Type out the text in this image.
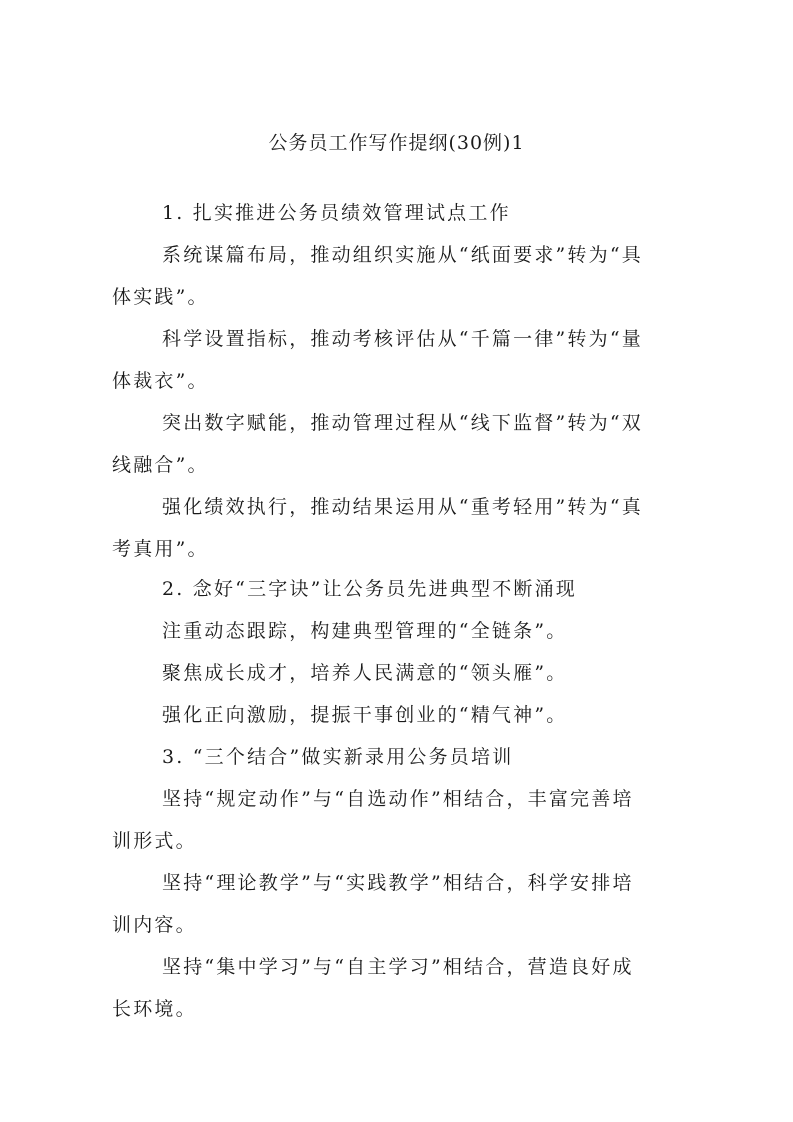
公务员工作写作提纲(30例)1
1. 扎实推进公务员绩效管理试点工作
系统谋篇布局，推动组织实施从“纸面要求”转为“具
体实践”。
科学设置指标，推动考核评估从“千篇一律”转为“量
体裁衣”。
突出数字赋能，推动管理过程从“线下监督”转为“双
线融合”。
强化绩效执行，推动结果运用从“重考轻用”转为“真
考真用”。
2. 念好“三字诀”让公务员先进典型不断涌现
注重动态跟踪，构建典型管理的“全链条”。
聚焦成长成才，培养人民满意的“领头雁”。
强化正向激励，提振干事创业的“精气神”。
3. “三个结合”做实新录用公务员培训
坚持“规定动作”与“自选动作”相结合，丰富完善培
训形式。
坚持“理论教学”与“实践教学”相结合，科学安排培
训内容。
坚持“集中学习”与“自主学习”相结合，营造良好成
长环境。
